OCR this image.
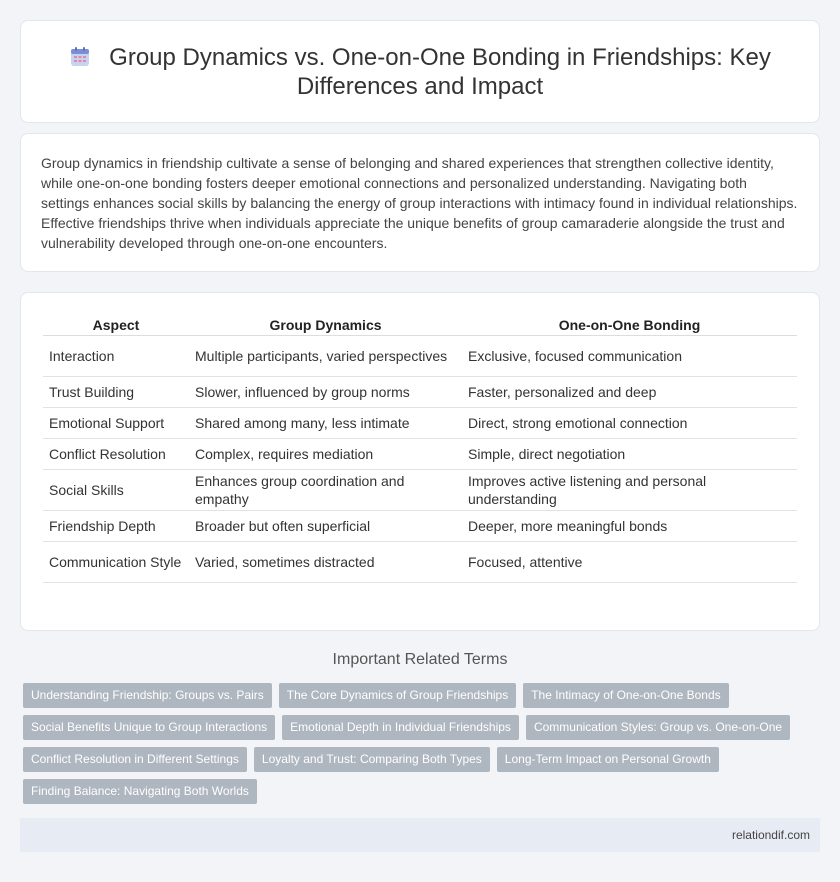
Group Dynamics vs. One-on-One Bonding in Friendships: Key Differences and Impact

Group dynamics in friendship cultivate a sense of belonging and shared experiences that strengthen collective identity, while one-on-one bonding fosters deeper emotional connections and personalized understanding. Navigating both settings enhances social skills by balancing the energy of group interactions with intimacy found in individual relationships. Effective friendships thrive when individuals appreciate the unique benefits of group camaraderie alongside the trust and vulnerability developed through one-on-one encounters.

Aspect	Group Dynamics	One-on-One Bonding
Interaction	Multiple participants, varied perspectives	Exclusive, focused communication
Trust Building	Slower, influenced by group norms	Faster, personalized and deep
Emotional Support	Shared among many, less intimate	Direct, strong emotional connection
Conflict Resolution	Complex, requires mediation	Simple, direct negotiation
Social Skills	Enhances group coordination and empathy	Improves active listening and personal understanding
Friendship Depth	Broader but often superficial	Deeper, more meaningful bonds
Communication Style	Varied, sometimes distracted	Focused, attentive
Important Related Terms
Understanding Friendship: Groups vs. Pairs	The Core Dynamics of Group Friendships	The Intimacy of One-on-One Bonds
Social Benefits Unique to Group Interactions	Emotional Depth in Individual Friendships	Communication Styles: Group vs. One-on-One
Conflict Resolution in Different Settings	Loyalty and Trust: Comparing Both Types	Long-Term Impact on Personal Growth
Finding Balance: Navigating Both Worlds
relationdif.com
